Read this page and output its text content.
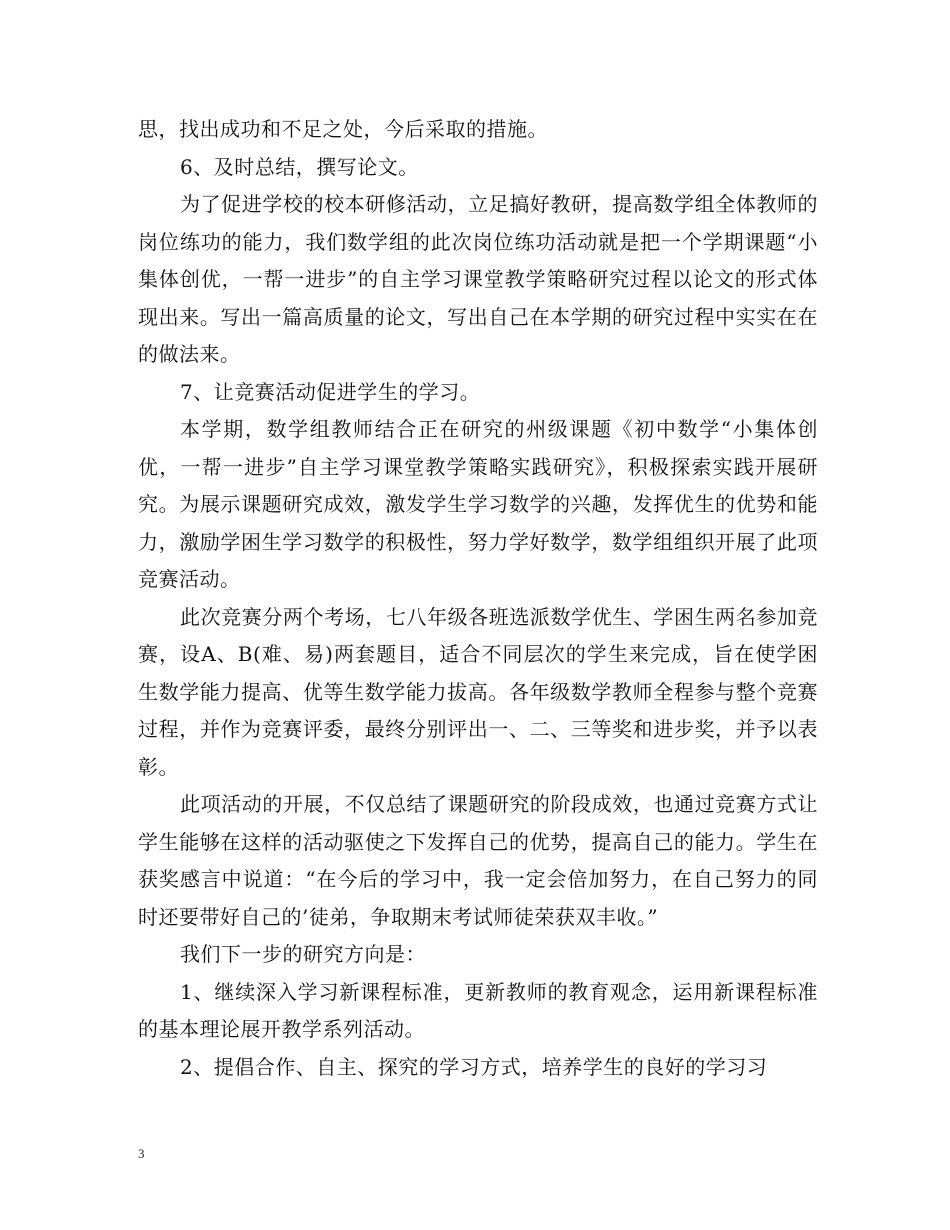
思，找出成功和不足之处，今后采取的措施。

6、及时总结，撰写论文。

为了促进学校的校本研修活动，立足搞好教研，提高数学组全体教师的岗位练功的能力，我们数学组的此次岗位练功活动就是把一个学期课题“小集体创优，一帮一进步”的自主学习课堂教学策略研究过程以论文的形式体现出来。写出一篇高质量的论文，写出自己在本学期的研究过程中实实在在的做法来。

7、让竞赛活动促进学生的学习。

本学期，数学组教师结合正在研究的州级课题《初中数学“小集体创优，一帮一进步”自主学习课堂教学策略实践研究》，积极探索实践开展研究。为展示课题研究成效，激发学生学习数学的兴趣，发挥优生的优势和能力，激励学困生学习数学的积极性，努力学好数学，数学组组织开展了此项竞赛活动。

此次竞赛分两个考场，七八年级各班选派数学优生、学困生两名参加竞赛，设A、B(难、易)两套题目，适合不同层次的学生来完成，旨在使学困生数学能力提高、优等生数学能力拔高。各年级数学教师全程参与整个竞赛过程，并作为竞赛评委，最终分别评出一、二、三等奖和进步奖，并予以表彰。

此项活动的开展，不仅总结了课题研究的阶段成效，也通过竞赛方式让学生能够在这样的活动驱使之下发挥自己的优势，提高自己的能力。学生在获奖感言中说道：“在今后的学习中，我一定会倍加努力，在自己努力的同时还要带好自己的’徒弟，争取期末考试师徒荣获双丰收。”

我们下一步的研究方向是：

1、继续深入学习新课程标准，更新教师的教育观念，运用新课程标准的基本理论展开教学系列活动。

2、提倡合作、自主、探究的学习方式，培养学生的良好的学习习

3
